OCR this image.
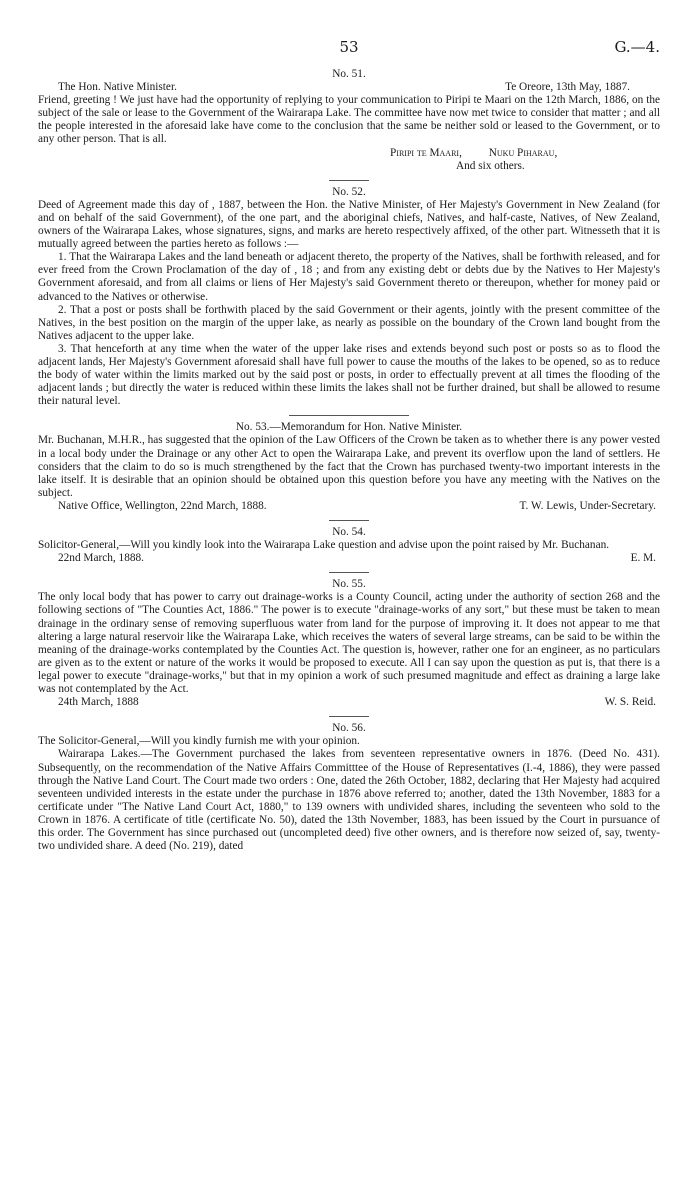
53	G.—4.

No. 51.

The Hon. Native Minister.	Te Oreore, 13th May, 1887.

Friend, greeting ! We just have had the opportunity of replying to your communication to Piripi te Maari on the 12th March, 1886, on the subject of the sale or lease to the Government of the Wairarapa Lake. The committee have now met twice to consider that matter ; and all the people interested in the aforesaid lake have come to the conclusion that the same be neither sold or leased to the Government, or to any other person. That is all.

Piripi te Maari, Nuku Piharau,
And six others.

No. 52.

Deed of Agreement made this day of , 1887, between the Hon. the Native Minister, of Her Majesty's Government in New Zealand (for and on behalf of the said Government), of the one part, and the aboriginal chiefs, Natives, and half-caste, Natives, of New Zealand, owners of the Wairarapa Lakes, whose signatures, signs, and marks are hereto respectively affixed, of the other part. Witnesseth that it is mutually agreed between the parties hereto as follows :—

1. That the Wairarapa Lakes and the land beneath or adjacent thereto, the property of the Natives, shall be forthwith released, and for ever freed from the Crown Proclamation of the day of , 18 ; and from any existing debt or debts due by the Natives to Her Majesty's Government aforesaid, and from all claims or liens of Her Majesty's said Government thereto or thereupon, whether for money paid or advanced to the Natives or otherwise.

2. That a post or posts shall be forthwith placed by the said Government or their agents, jointly with the present committee of the Natives, in the best position on the margin of the upper lake, as nearly as possible on the boundary of the Crown land bought from the Natives adjacent to the upper lake.

3. That henceforth at any time when the water of the upper lake rises and extends beyond such post or posts so as to flood the adjacent lands, Her Majesty's Government aforesaid shall have full power to cause the mouths of the lakes to be opened, so as to reduce the body of water within the limits marked out by the said post or posts, in order to effectually prevent at all times the flooding of the adjacent lands ; but directly the water is reduced within these limits the lakes shall not be further drained, but shall be allowed to resume their natural level.

No. 53.—Memorandum for Hon. Native Minister.

Mr. Buchanan, M.H.R., has suggested that the opinion of the Law Officers of the Crown be taken as to whether there is any power vested in a local body under the Drainage or any other Act to open the Wairarapa Lake, and prevent its overflow upon the land of settlers. He considers that the claim to do so is much strengthened by the fact that the Crown has purchased twenty-two important interests in the lake itself. It is desirable that an opinion should be obtained upon this question before you have any meeting with the Natives on the subject.

Native Office, Wellington, 22nd March, 1888.	T. W. Lewis, Under-Secretary.

No. 54.

Solicitor-General,—Will you kindly look into the Wairarapa Lake question and advise upon the point raised by Mr. Buchanan.

22nd March, 1888.	E. M.

No. 55.

The only local body that has power to carry out drainage-works is a County Council, acting under the authority of section 268 and the following sections of "The Counties Act, 1886." The power is to execute "drainage-works of any sort," but these must be taken to mean drainage in the ordinary sense of removing superfluous water from land for the purpose of improving it. It does not appear to me that altering a large natural reservoir like the Wairarapa Lake, which receives the waters of several large streams, can be said to be within the meaning of the drainage-works contemplated by the Counties Act. The question is, however, rather one for an engineer, as no particulars are given as to the extent or nature of the works it would be proposed to execute. All I can say upon the question as put is, that there is a legal power to execute "drainage-works," but that in my opinion a work of such presumed magnitude and effect as draining a large lake was not contemplated by the Act.

24th March, 1888	W. S. Reid.

No. 56.

The Solicitor-General,—Will you kindly furnish me with your opinion.

Wairarapa Lakes.—The Government purchased the lakes from seventeen representative owners in 1876. (Deed No. 431). Subsequently, on the recommendation of the Native Affairs Committtee of the House of Representatives (I.-4, 1886), they were passed through the Native Land Court. The Court made two orders : One, dated the 26th October, 1882, declaring that Her Majesty had acquired seventeen undivided interests in the estate under the purchase in 1876 above referred to; another, dated the 13th November, 1883 for a certificate under "The Native Land Court Act, 1880," to 139 owners with undivided shares, including the seventeen who sold to the Crown in 1876. A certificate of title (certificate No. 50), dated the 13th November, 1883, has been issued by the Court in pursuance of this order. The Government has since purchased out (uncompleted deed) five other owners, and is therefore now seized of, say, twenty-two undivided share. A deed (No. 219), dated
